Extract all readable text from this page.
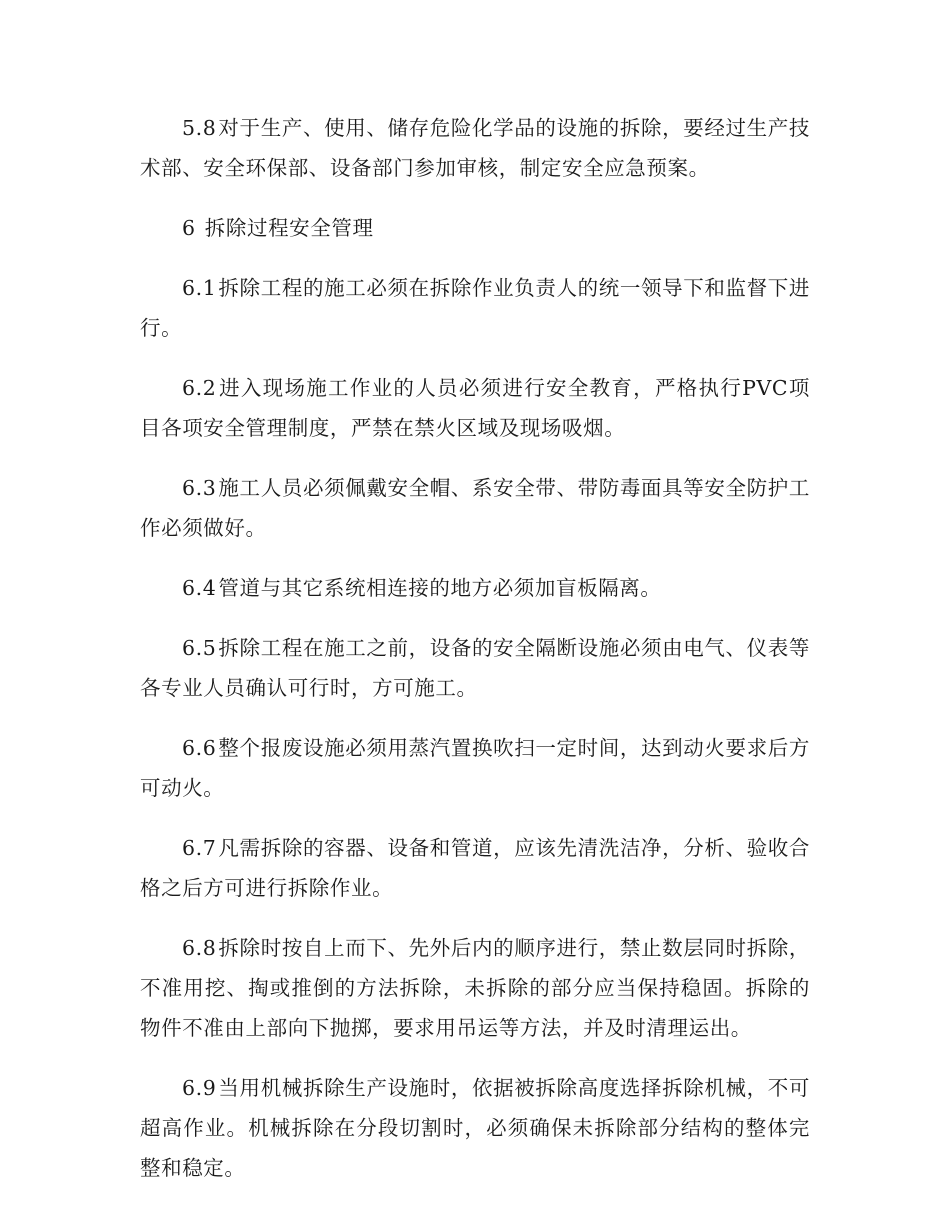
5.8对于生产、使用、储存危险化学品的设施的拆除，要经过生产技术部、安全环保部、设备部门参加审核，制定安全应急预案。

6 拆除过程安全管理

6.1拆除工程的施工必须在拆除作业负责人的统一领导下和监督下进行。

6.2进入现场施工作业的人员必须进行安全教育，严格执行PVC项目各项安全管理制度，严禁在禁火区域及现场吸烟。

6.3施工人员必须佩戴安全帽、系安全带、带防毒面具等安全防护工作必须做好。

6.4管道与其它系统相连接的地方必须加盲板隔离。

6.5拆除工程在施工之前，设备的安全隔断设施必须由电气、仪表等各专业人员确认可行时，方可施工。

6.6整个报废设施必须用蒸汽置换吹扫一定时间，达到动火要求后方可动火。

6.7凡需拆除的容器、设备和管道，应该先清洗洁净，分析、验收合格之后方可进行拆除作业。

6.8拆除时按自上而下、先外后内的顺序进行，禁止数层同时拆除，不准用挖、掏或推倒的方法拆除，未拆除的部分应当保持稳固。拆除的物件不准由上部向下抛掷，要求用吊运等方法，并及时清理运出。

6.9当用机械拆除生产设施时，依据被拆除高度选择拆除机械，不可超高作业。机械拆除在分段切割时，必须确保未拆除部分结构的整体完整和稳定。
